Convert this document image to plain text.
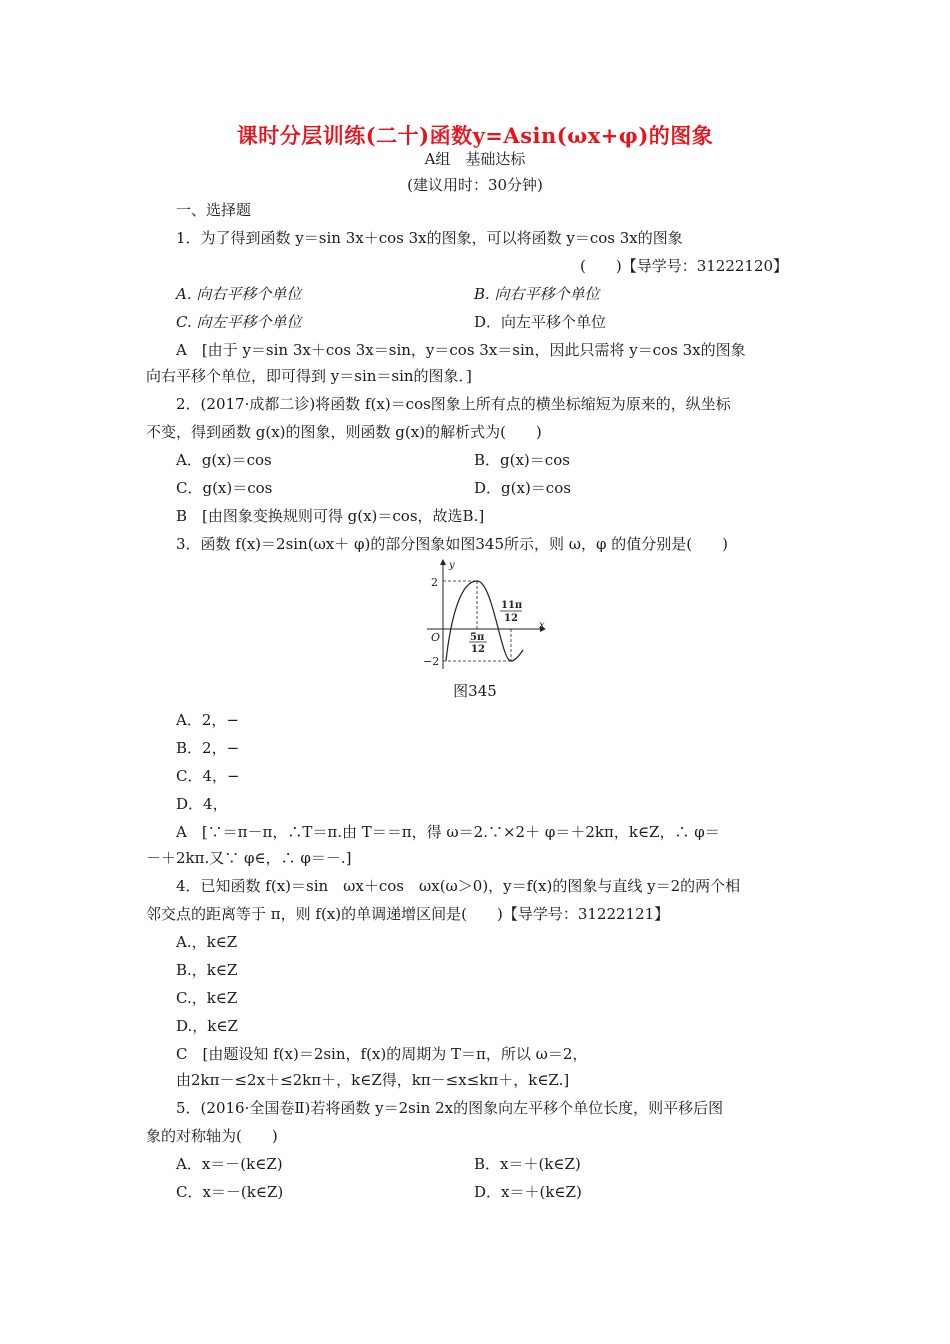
课时分层训练(二十)函数y=Asin(ωx+φ)的图象
A组　基础达标
(建议用时：30分钟)
一、选择题
1．为了得到函数 y＝sin 3x＋cos 3x的图象，可以将函数 y＝cos 3x的图象
(　　)【导学号：31222120】
A. 向右平移个单位	B. 向右平移个单位
C. 向左平移个单位	D．向左平移个单位
A　[由于 y＝sin 3x＋cos 3x＝sin，y＝cos 3x＝sin，因此只需将 y＝cos 3x的图象
向右平移个单位，即可得到 y＝sin＝sin的图象．]
2．(2017·成都二诊)将函数 f(x)＝cos图象上所有点的横坐标缩短为原来的，纵坐标
不变，得到函数 g(x)的图象，则函数 g(x)的解析式为(　　)
A．g(x)＝cos	B．g(x)＝cos
C．g(x)＝cos	D．g(x)＝cos
B　[由图象变换规则可得 g(x)＝cos，故选B.]
3．函数 f(x)＝2sin(ωx＋ φ)的部分图象如图345所示，则 ω，φ 的值分别是(　　)
y
x
O
2
−2
5π
12
11π
12
图345
A．2，−
B．2，−
C．4，−
D．4，
A　[∵＝π－π，∴T＝π.由 T＝＝π，得 ω＝2.∵×2＋ φ＝＋2kπ，k∈Z，∴ φ＝
－＋2kπ.又∵ φ∈，∴ φ＝－.]
4．已知函数 f(x)＝sin　ωx＋cos　ωx(ω＞0)，y＝f(x)的图象与直线 y＝2的两个相
邻交点的距离等于 π，则 f(x)的单调递增区间是(　　)【导学号：31222121】
A.，k∈Z
B.，k∈Z
C.，k∈Z
D.，k∈Z
C　[由题设知 f(x)＝2sin，f(x)的周期为 T＝π，所以 ω＝2，
由2kπ－≤2x＋≤2kπ＋，k∈Z得，kπ－≤x≤kπ＋，k∈Z.]
5．(2016·全国卷Ⅱ)若将函数 y＝2sin 2x的图象向左平移个单位长度，则平移后图
象的对称轴为(　　)
A．x＝－(k∈Z)	B．x＝＋(k∈Z)
C．x＝－(k∈Z)	D．x＝＋(k∈Z)
